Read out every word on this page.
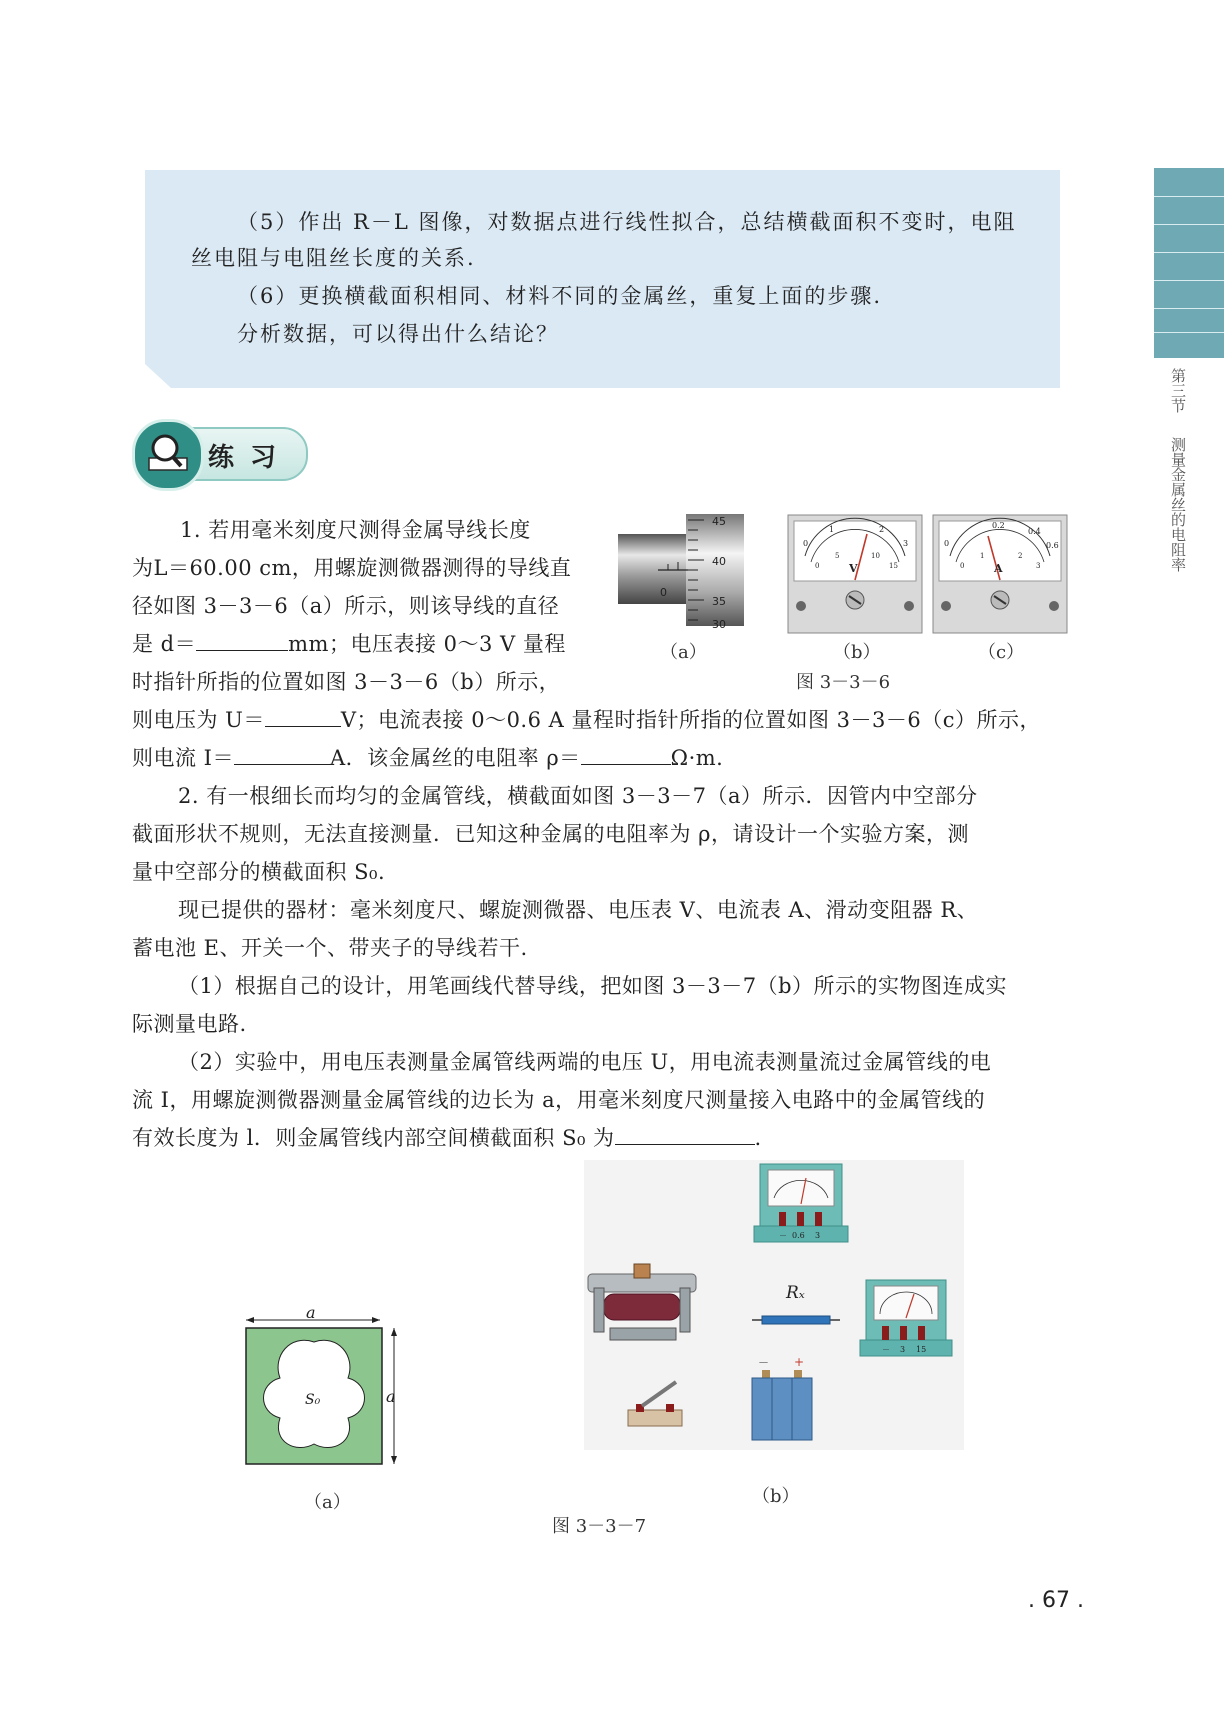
第三节  测量金属丝的电阻率
（5）作出 R－L 图像，对数据点进行线性拟合，总结横截面积不变时，电阻
丝电阻与电阻丝长度的关系.
（6）更换横截面积相同、材料不同的金属丝，重复上面的步骤.
分析数据，可以得出什么结论？
练习
1. 若用毫米刻度尺测得金属导线长度
为L＝60.00 cm，用螺旋测微器测得的导线直
径如图 3－3－6（a）所示，则该导线的直径
是 d＝	mm；电压表接 0～3 V 量程
时指针所指的位置如图 3－3－6（b）所示，
则电压为 U＝	V；电流表接 0～0.6 A 量程时指针所指的位置如图 3－3－6（c）所示，
则电流 I＝	A．该金属丝的电阻率 ρ＝	Ω·m.
45
40
35
30
0
（a）
0
1	2
3
0
5	10
15
V
（b）
0
0.2
0.4
0.6
0
1	2
3
A
（c）
图 3－3－6
2. 有一根细长而均匀的金属管线，横截面如图 3－3－7（a）所示．因管内中空部分
截面形状不规则，无法直接测量．已知这种金属的电阻率为 ρ，请设计一个实验方案，测
量中空部分的横截面积 S₀.
现已提供的器材：毫米刻度尺、螺旋测微器、电压表 V、电流表 A、滑动变阻器 R、
蓄电池 E、开关一个、带夹子的导线若干.
（1）根据自己的设计，用笔画线代替导线，把如图 3－3－7（b）所示的实物图连成实
际测量电路.
（2）实验中，用电压表测量金属管线两端的电压 U，用电流表测量流过金属管线的电
流 I，用螺旋测微器测量金属管线的边长为 a，用毫米刻度尺测量接入电路中的金属管线的
有效长度为 l．则金属管线内部空间横截面积 S₀ 为	.
a
S₀	a
（a）
－ 0.6 3
Rₓ
－ 3 15
－ +
（b）
图 3－3－7
. 67 .
